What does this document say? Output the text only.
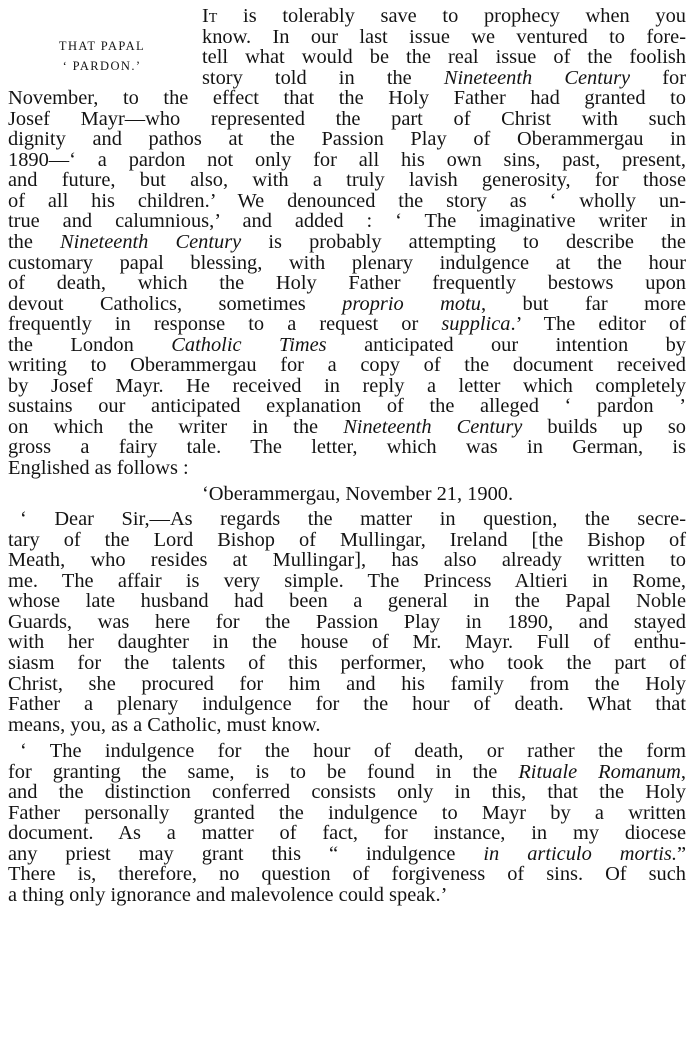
THAT PAPAL
‘ PARDON.’
It is tolerably save to prophecy when you
know. In our last issue we ventured to fore-
tell what would be the real issue of the foolish
story told in the Nineteenth Century for
November, to the effect that the Holy Father had granted to
Josef Mayr—who represented the part of Christ with such
dignity and pathos at the Passion Play of Oberammergau in
1890—‘ a pardon not only for all his own sins, past, present,
and future, but also, with a truly lavish generosity, for those
of all his children.’ We denounced the story as ‘ wholly un-
true and calumnious,’ and added : ‘ The imaginative writer in
the Nineteenth Century is probably attempting to describe the
customary papal blessing, with plenary indulgence at the hour
of death, which the Holy Father frequently bestows upon
devout Catholics, sometimes proprio motu, but far more
frequently in response to a request or supplica.’ The editor of
the London Catholic Times anticipated our intention by
writing to Oberammergau for a copy of the document received
by Josef Mayr. He received in reply a letter which completely
sustains our anticipated explanation of the alleged ‘ pardon ’
on which the writer in the Nineteenth Century builds up so
gross a fairy tale. The letter, which was in German, is
Englished as follows :
‘Oberammergau, November 21, 1900.
‘ Dear Sir,—As regards the matter in question, the secre-
tary of the Lord Bishop of Mullingar, Ireland [the Bishop of
Meath, who resides at Mullingar], has also already written to
me. The affair is very simple. The Princess Altieri in Rome,
whose late husband had been a general in the Papal Noble
Guards, was here for the Passion Play in 1890, and stayed
with her daughter in the house of Mr. Mayr. Full of enthu-
siasm for the talents of this performer, who took the part of
Christ, she procured for him and his family from the Holy
Father a plenary indulgence for the hour of death. What that
means, you, as a Catholic, must know.
‘ The indulgence for the hour of death, or rather the form
for granting the same, is to be found in the Rituale Romanum,
and the distinction conferred consists only in this, that the Holy
Father personally granted the indulgence to Mayr by a written
document. As a matter of fact, for instance, in my diocese
any priest may grant this “ indulgence in articulo mortis.”
There is, therefore, no question of forgiveness of sins. Of such
a thing only ignorance and malevolence could speak.’
